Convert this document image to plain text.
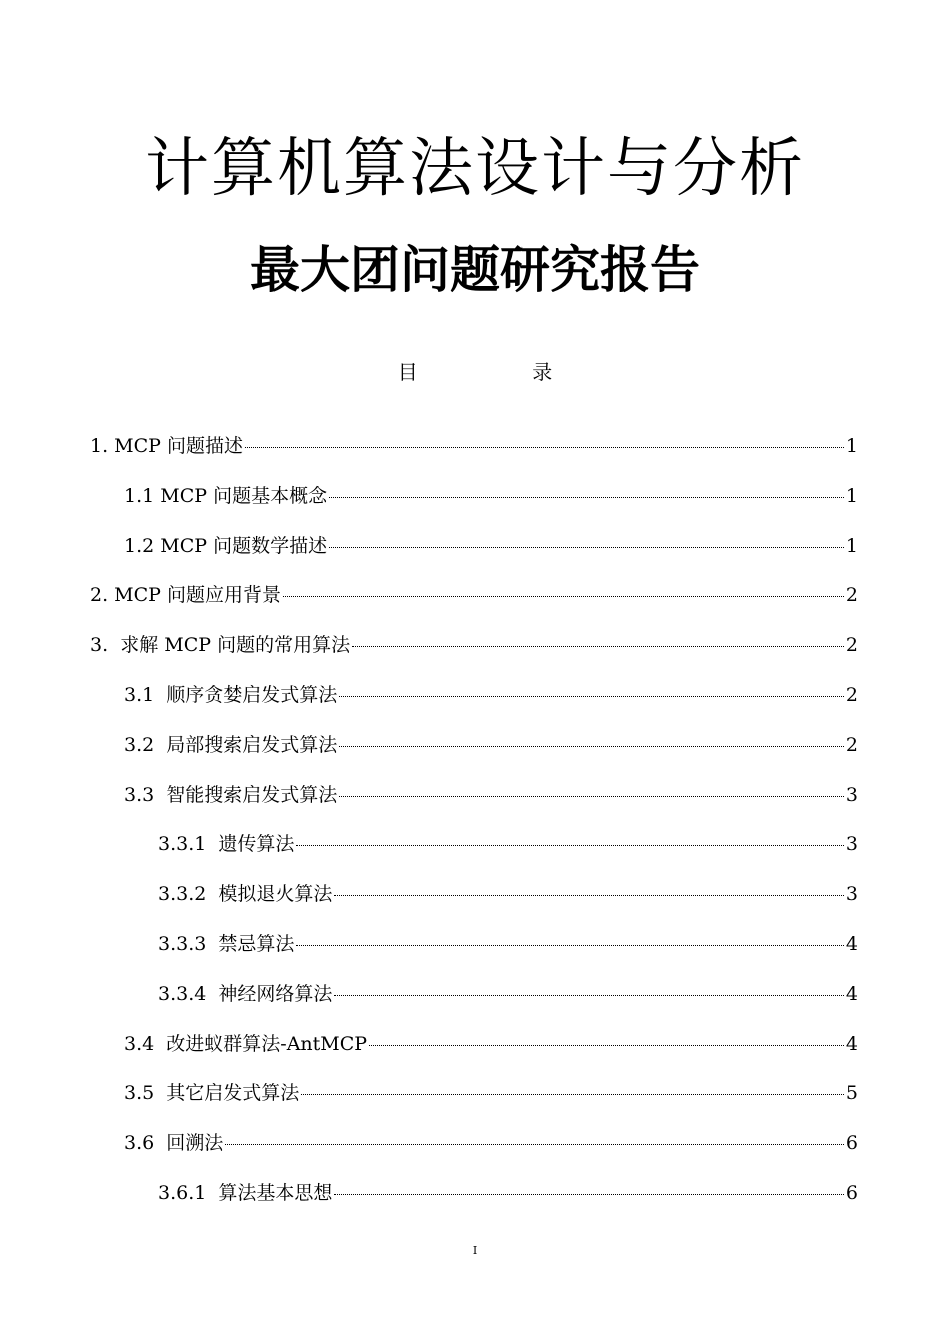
计算机算法设计与分析
最大团问题研究报告
目                  录
1. MCP 问题描述	1
1.1 MCP 问题基本概念	1
1.2 MCP 问题数学描述	1
2. MCP 问题应用背景	2
3.  求解 MCP 问题的常用算法	2
3.1  顺序贪婪启发式算法	2
3.2  局部搜索启发式算法	2
3.3  智能搜索启发式算法	3
3.3.1  遗传算法	3
3.3.2  模拟退火算法	3
3.3.3  禁忌算法	4
3.3.4  神经网络算法	4
3.4  改进蚁群算法-AntMCP	4
3.5  其它启发式算法	5
3.6  回溯法	6
3.6.1  算法基本思想	6
I
